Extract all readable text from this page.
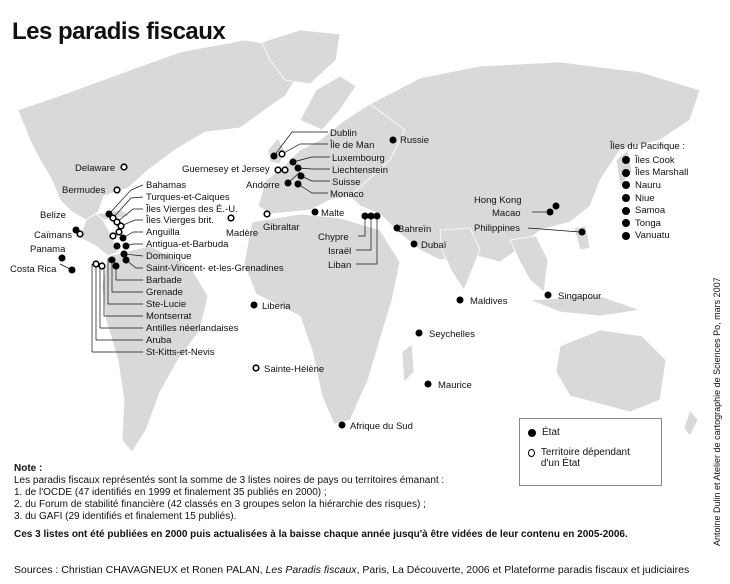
Les paradis fiscaux
Dublin
Île de Man
Luxembourg
Liechtenstein
Suisse
Monaco
Guernesey et Jersey
Andorre
Malte
Gibraltar
Madère
Russie
Chypre
Israël
Liban
Bahreïn
Dubaï
Hong Kong
Macao
Philippines
Maldives	Singapour
Seychelles
Maurice
Liberia
Sainte-Hélène
Afrique du Sud
Delaware
Bermudes
Belize
Caïmans
Panama
Costa Rica
Bahamas
Turques-et-Caiques
Îles Vierges des É.-U.
Îles Vierges brit.
Anguilla
Antigua-et-Barbuda
Dominique
Saint-Vincent- et-les-Grenadines
Barbade
Grenade
Ste-Lucie
Montserrat
Antilles néerlandaises
Aruba
St-Kitts-et-Nevis
Îles du Pacifique :
Îles Cook
Îles Marshall
Nauru
Niue
Samoa
Tonga
Vanuatu
État
Territoire dépendant d'un État	Antoine Dulin et Atelier de cartographie de Sciences Po, mars 2007
Note :
Les paradis fiscaux représentés sont la somme de 3 listes noires de pays ou territoires émanant :
1. de l'OCDE (47 identifiés en 1999 et finalement 35 publiés en 2000) ;
2. du Forum de stabilité financière (42 classés en 3 groupes selon la hiérarchie des risques) ;
3. du GAFI (29 identifiés et finalement 15 publiés).
Ces 3 listes ont été publiées en 2000 puis actualisées à la baisse chaque année jusqu'à être vidées de leur contenu en 2005-2006.
Sources : Christian CHAVAGNEUX et Ronen PALAN, Les Paradis fiscaux, Paris, La Découverte, 2006 et Plateforme paradis fiscaux et judiciaires
